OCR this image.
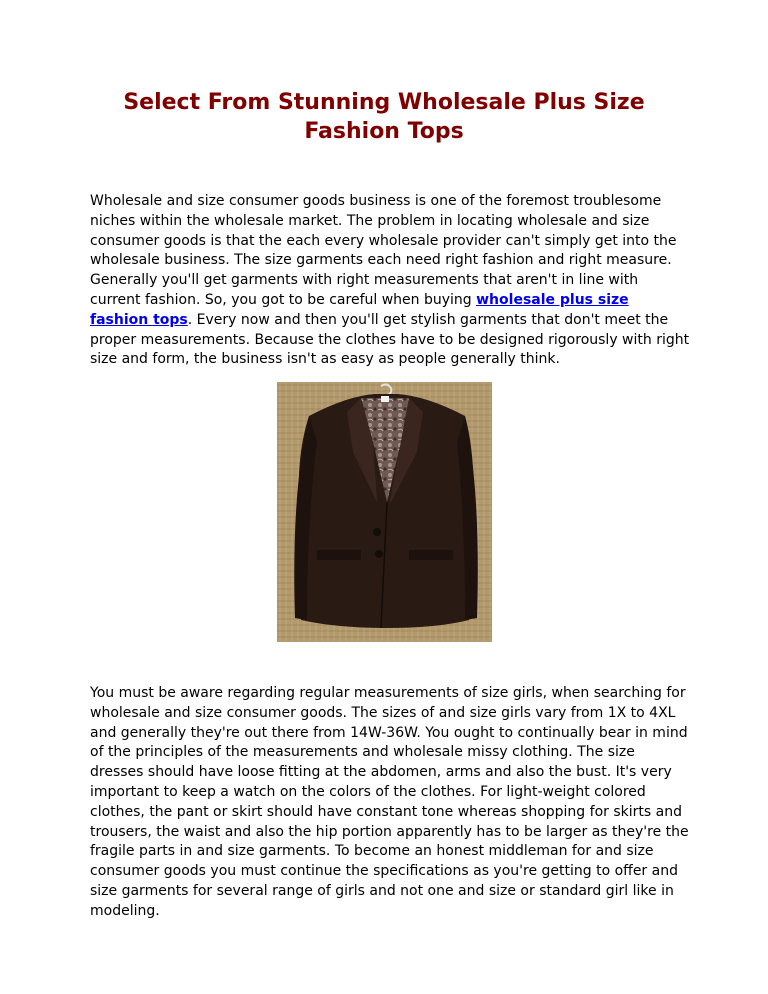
Select From Stunning Wholesale Plus Size Fashion Tops

Wholesale and size consumer goods business is one of the foremost troublesome niches within the wholesale market. The problem in locating wholesale and size consumer goods is that the each every wholesale provider can't simply get into the wholesale business. The size garments each need right fashion and right measure. Generally you'll get garments with right measurements that aren't in line with current fashion. So, you got to be careful when buying wholesale plus size fashion tops. Every now and then you'll get stylish garments that don't meet the proper measurements. Because the clothes have to be designed rigorously with right size and form, the business isn't as easy as people generally think.

You must be aware regarding regular measurements of size girls, when searching for wholesale and size consumer goods. The sizes of and size girls vary from 1X to 4XL and generally they're out there from 14W-36W. You ought to continually bear in mind of the principles of the measurements and wholesale missy clothing. The size dresses should have loose fitting at the abdomen, arms and also the bust. It's very important to keep a watch on the colors of the clothes. For light-weight colored clothes, the pant or skirt should have constant tone whereas shopping for skirts and trousers, the waist and also the hip portion apparently has to be larger as they're the fragile parts in and size garments. To become an honest middleman for and size consumer goods you must continue the specifications as you're getting to offer and size garments for several range of girls and not one and size or standard girl like in modeling.
